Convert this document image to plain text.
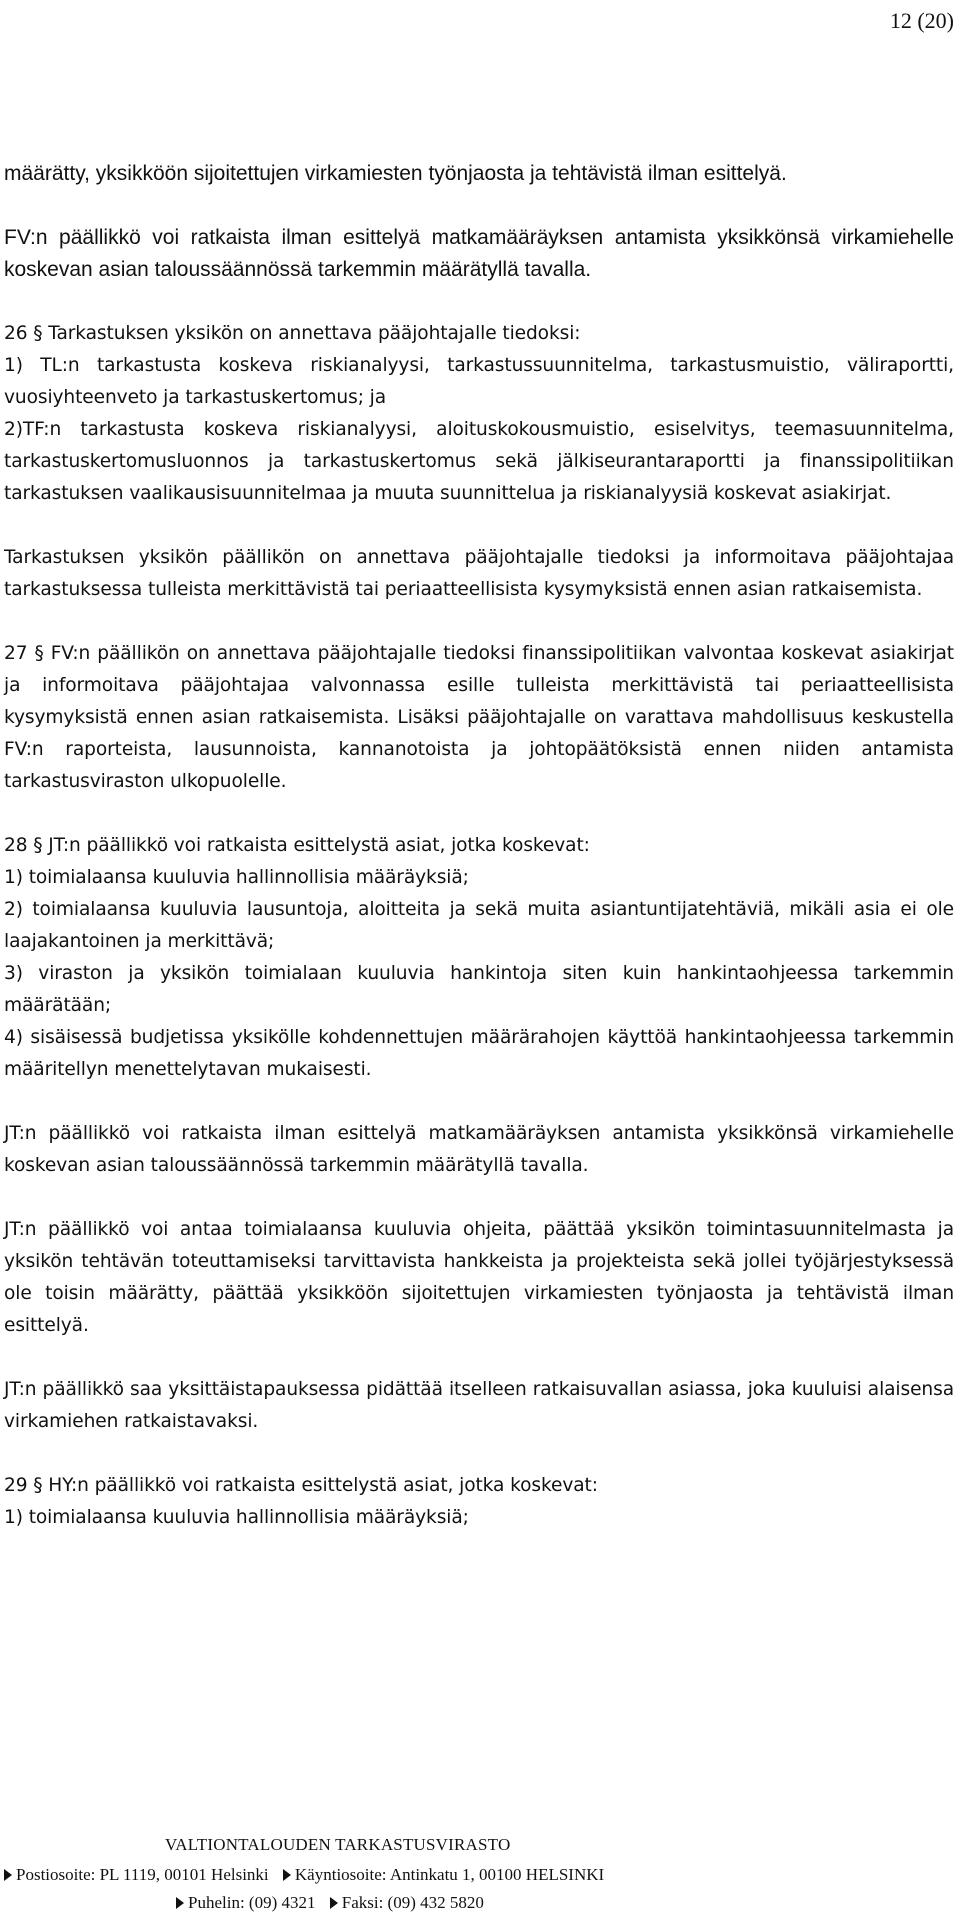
12 (20)

määrätty, yksikköön sijoitettujen virkamiesten työnjaosta ja tehtävistä ilman esittelyä.

FV:n päällikkö voi ratkaista ilman esittelyä matkamääräyksen antamista yksikkönsä virkamiehelle koskevan asian taloussäännössä tarkemmin määrätyllä tavalla.

26 § Tarkastuksen yksikön on annettava pääjohtajalle tiedoksi:

1) TL:n tarkastusta koskeva riskianalyysi, tarkastussuunnitelma, tarkastusmuistio, väliraportti, vuosiyhteenveto ja tarkastuskertomus; ja

2)TF:n tarkastusta koskeva riskianalyysi, aloituskokousmuistio, esiselvitys, teemasuunnitelma, tarkastuskertomusluonnos ja tarkastuskertomus sekä jälkiseurantaraportti ja finanssipolitiikan tarkastuksen vaalikausisuunnitelmaa ja muuta suunnittelua ja riskianalyysiä koskevat asiakirjat.

Tarkastuksen yksikön päällikön on annettava pääjohtajalle tiedoksi ja informoitava pääjohtajaa tarkastuksessa tulleista merkittävistä tai periaatteellisista kysymyksistä ennen asian ratkaisemista.

27 § FV:n päällikön on annettava pääjohtajalle tiedoksi finanssipolitiikan valvontaa koskevat asiakirjat ja informoitava pääjohtajaa valvonnassa esille tulleista merkittävistä tai periaatteellisista kysymyksistä ennen asian ratkaisemista. Lisäksi pääjohtajalle on varattava mahdollisuus keskustella FV:n raporteista, lausunnoista, kannanotoista ja johtopäätöksistä ennen niiden antamista tarkastusviraston ulkopuolelle.

28 § JT:n päällikkö voi ratkaista esittelystä asiat, jotka koskevat:

1) toimialaansa kuuluvia hallinnollisia määräyksiä;

2) toimialaansa kuuluvia lausuntoja, aloitteita ja sekä muita asiantuntijatehtäviä, mikäli asia ei ole laajakantoinen ja merkittävä;

3) viraston ja yksikön toimialaan kuuluvia hankintoja siten kuin hankintaohjeessa tarkemmin määrätään;

4) sisäisessä budjetissa yksikölle kohdennettujen määrärahojen käyttöä hankintaohjeessa tarkemmin määritellyn menettelytavan mukaisesti.

JT:n päällikkö voi ratkaista ilman esittelyä matkamääräyksen antamista yksikkönsä virkamiehelle koskevan asian taloussäännössä tarkemmin määrätyllä tavalla.

JT:n päällikkö voi antaa toimialaansa kuuluvia ohjeita, päättää yksikön toimintasuunnitelmasta ja yksikön tehtävän toteuttamiseksi tarvittavista hankkeista ja projekteista sekä jollei työjärjestyksessä ole toisin määrätty, päättää yksikköön sijoitettujen virkamiesten työnjaosta ja tehtävistä ilman esittelyä.

JT:n päällikkö saa yksittäistapauksessa pidättää itselleen ratkaisuvallan asiassa, joka kuuluisi alaisensa virkamiehen ratkaistavaksi.

29 § HY:n päällikkö voi ratkaista esittelystä asiat, jotka koskevat:

1) toimialaansa kuuluvia hallinnollisia määräyksiä;

VALTIONTALOUDEN TARKASTUSVIRASTO
Postiosoite: PL 1119, 00101 Helsinki Käyntiosoite: Antinkatu 1, 00100 HELSINKI
Puhelin: (09) 4321 Faksi: (09) 432 5820
